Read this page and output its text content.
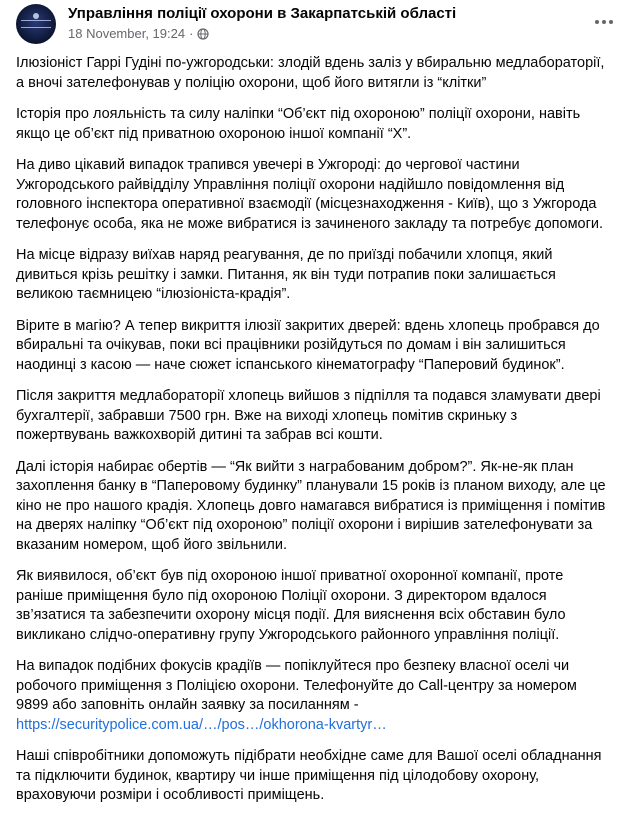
Управління поліції охорони в Закарпатській області
18 November, 19:24 ·

Ілюзіоніст Гаррі Гудіні по-ужгородськи: злодій вдень заліз у вбиральню медлабораторії, а вночі зателефонував у поліцію охорони, щоб його витягли із “клітки”

Історія про лояльність та силу наліпки “Об’єкт під охороною” поліції охорони, навіть якщо це об’єкт під приватною охороною іншої компанії “Х”.

На диво цікавий випадок трапився увечері в Ужгороді: до чергової частини Ужгородського райвідділу Управління поліції охорони надійшло повідомлення від головного інспектора оперативної взаємодії (місцезнаходження - Київ), що з Ужгорода телефонує особа, яка не може вибратися із зачиненого закладу та потребує допомоги.

На місце відразу виїхав наряд реагування, де по приїзді побачили хлопця, який дивиться крізь решітку і замки. Питання, як він туди потрапив поки залишається великою таємницею “ілюзіоніста-крадія”.

Вірите в магію? А тепер викриття ілюзії закритих дверей: вдень хлопець пробрався до вбиральні та очікував, поки всі працівники розійдуться по домам і він залишиться наодинці з касою — наче сюжет іспанського кінематографу “Паперовий будинок”.

Після закриття медлабораторії хлопець вийшов з підпілля та подався зламувати двері бухгалтерії, забравши 7500 грн. Вже на виході хлопець помітив скриньку з пожертвувань важкохворій дитині та забрав всі кошти.

Далі історія набирає обертів — “Як вийти з награбованим добром?”. Як-не-як план захоплення банку в “Паперовому будинку” планували 15 років із планом виходу, але це кіно не про нашого крадія. Хлопець довго намагався вибратися із приміщення і помітив на дверях наліпку “Об’єкт під охороною” поліції охорони і вирішив зателефонувати за вказаним номером, щоб його звільнили.

Як виявилося, об’єкт був під охороною іншої приватної охоронної компанії, проте раніше приміщення було під охороною Поліції охорони. З директором вдалося зв’язатися та забезпечити охорону місця події. Для вияснення всіх обставин було викликано слідчо-оперативну групу Ужгородського районного управління поліції.

На випадок подібних фокусів крадіїв — попіклуйтеся про безпеку власної оселі чи робочого приміщення з Поліцією охорони. Телефонуйте до Call-центру за номером 9899 або заповніть онлайн заявку за посиланням - https://securitypolice.com.ua/…/pos…/okhorona-kvartyr…

Наші співробітники допоможуть підібрати необхідне саме для Вашої оселі обладнання та підключити будинок, квартиру чи інше приміщення під цілодобову охорону, враховуючи розміри і особливості приміщень.
